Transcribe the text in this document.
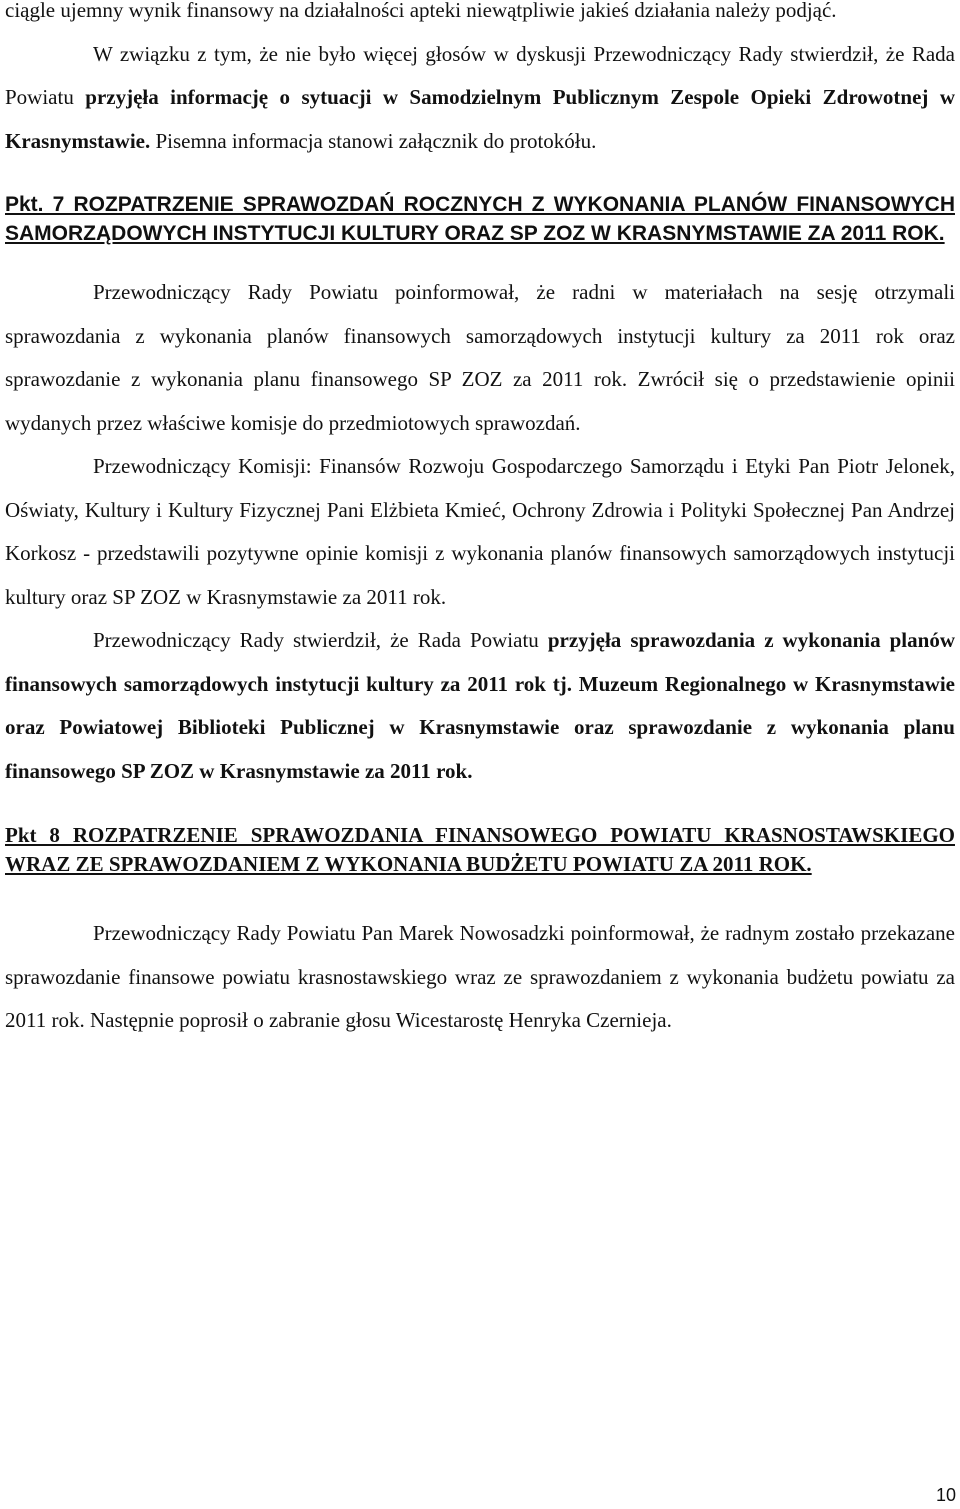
ciągle ujemny wynik finansowy na działalności apteki niewątpliwie jakieś działania należy podjąć.

W związku z tym, że nie było więcej głosów w dyskusji Przewodniczący Rady stwierdził, że Rada Powiatu przyjęła informację o sytuacji w Samodzielnym Publicznym Zespole Opieki Zdrowotnej w Krasnymstawie. Pisemna informacja stanowi załącznik do protokółu.

Pkt. 7 ROZPATRZENIE SPRAWOZDAŃ ROCZNYCH Z WYKONANIA PLANÓW FINANSOWYCH SAMORZĄDOWYCH INSTYTUCJI KULTURY ORAZ SP ZOZ W KRASNYMSTAWIE ZA 2011 ROK.

Przewodniczący Rady Powiatu poinformował, że radni w materiałach na sesję otrzymali sprawozdania z wykonania planów finansowych samorządowych instytucji kultury za 2011 rok oraz sprawozdanie z wykonania planu finansowego SP ZOZ za 2011 rok. Zwrócił się o przedstawienie opinii wydanych przez właściwe komisje do przedmiotowych sprawozdań.

Przewodniczący Komisji: Finansów Rozwoju Gospodarczego Samorządu i Etyki Pan Piotr Jelonek, Oświaty, Kultury i Kultury Fizycznej Pani Elżbieta Kmieć, Ochrony Zdrowia i Polityki Społecznej Pan Andrzej Korkosz - przedstawili pozytywne opinie komisji z wykonania planów finansowych samorządowych instytucji kultury oraz SP ZOZ w Krasnymstawie za 2011 rok.

Przewodniczący Rady stwierdził, że Rada Powiatu przyjęła sprawozdania z wykonania planów finansowych samorządowych instytucji kultury za 2011 rok tj. Muzeum Regionalnego w Krasnymstawie oraz Powiatowej Biblioteki Publicznej w Krasnymstawie oraz sprawozdanie z wykonania planu finansowego SP ZOZ w Krasnymstawie za 2011 rok.

Pkt 8 ROZPATRZENIE SPRAWOZDANIA FINANSOWEGO POWIATU KRASNOSTAWSKIEGO WRAZ ZE SPRAWOZDANIEM Z WYKONANIA BUDŻETU POWIATU ZA 2011 ROK.

Przewodniczący Rady Powiatu Pan Marek Nowosadzki poinformował, że radnym zostało przekazane sprawozdanie finansowe powiatu krasnostawskiego wraz ze sprawozdaniem z wykonania budżetu powiatu za 2011 rok. Następnie poprosił o zabranie głosu Wicestarostę Henryka Czernieja.

10
